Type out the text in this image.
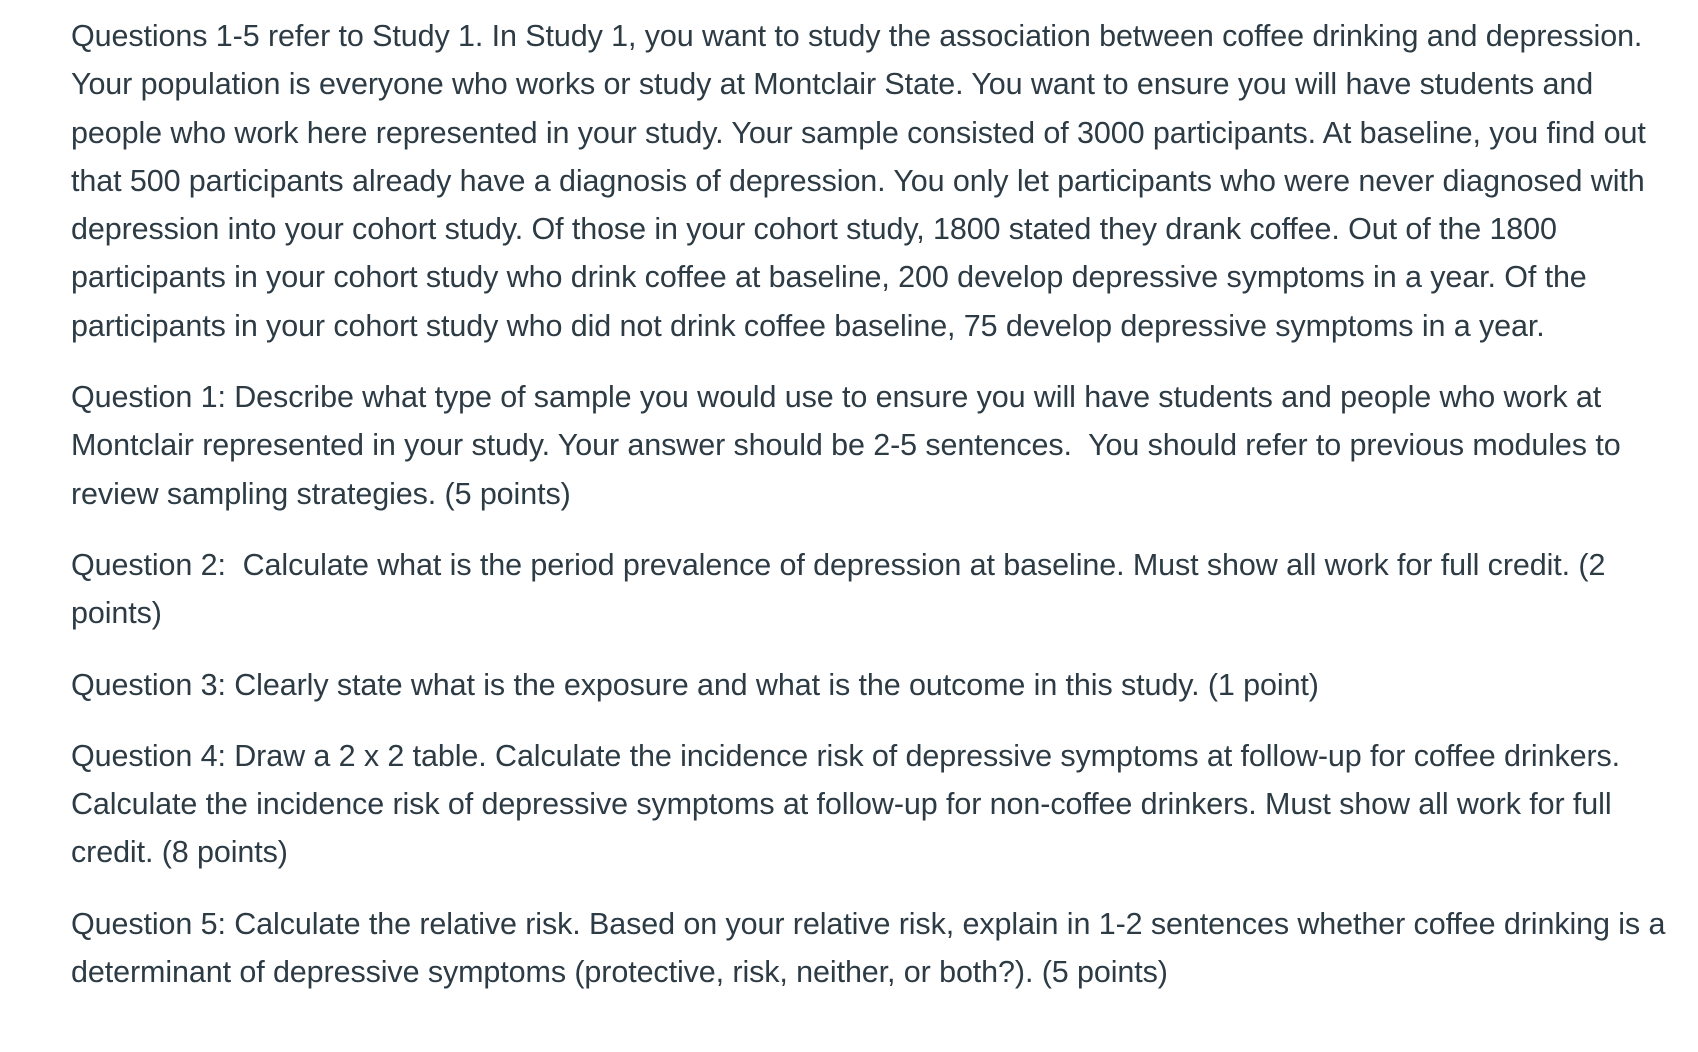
Questions 1-5 refer to Study 1. In Study 1, you want to study the association between coffee drinking and depression. Your population is everyone who works or study at Montclair State. You want to ensure you will have students and people who work here represented in your study. Your sample consisted of 3000 participants. At baseline, you find out that 500 participants already have a diagnosis of depression. You only let participants who were never diagnosed with depression into your cohort study. Of those in your cohort study, 1800 stated they drank coffee. Out of the 1800 participants in your cohort study who drink coffee at baseline, 200 develop depressive symptoms in a year. Of the participants in your cohort study who did not drink coffee baseline, 75 develop depressive symptoms in a year.

Question 1: Describe what type of sample you would use to ensure you will have students and people who work at Montclair represented in your study. Your answer should be 2-5 sentences.  You should refer to previous modules to review sampling strategies. (5 points)

Question 2:  Calculate what is the period prevalence of depression at baseline. Must show all work for full credit. (2 points)

Question 3: Clearly state what is the exposure and what is the outcome in this study. (1 point)

Question 4: Draw a 2 x 2 table. Calculate the incidence risk of depressive symptoms at follow-up for coffee drinkers. Calculate the incidence risk of depressive symptoms at follow-up for non-coffee drinkers. Must show all work for full credit. (8 points)

Question 5: Calculate the relative risk. Based on your relative risk, explain in 1-2 sentences whether coffee drinking is a determinant of depressive symptoms (protective, risk, neither, or both?). (5 points)
